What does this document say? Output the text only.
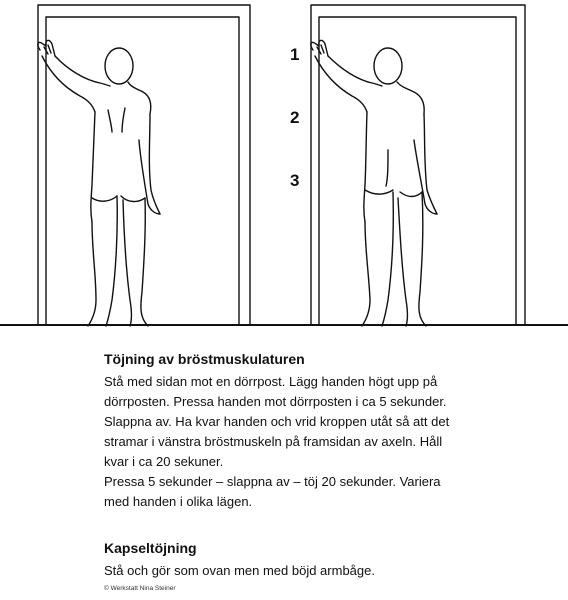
1
2
3

Töjning av bröstmuskulaturen

Stå med sidan mot en dörrpost. Lägg handen högt upp på

dörrposten. Pressa handen mot dörrposten i ca 5 sekunder.

Slappna av. Ha kvar handen och vrid kroppen utåt så att det

stramar i vänstra bröstmuskeln på framsidan av axeln. Håll

kvar i ca 20 sekuner.

Pressa 5 sekunder – slappna av – töj 20 sekunder. Variera

med handen i olika lägen.

Kapseltöjning

Stå och gör som ovan men med böjd armbåge.

© Werkstatt Nina Steiner
